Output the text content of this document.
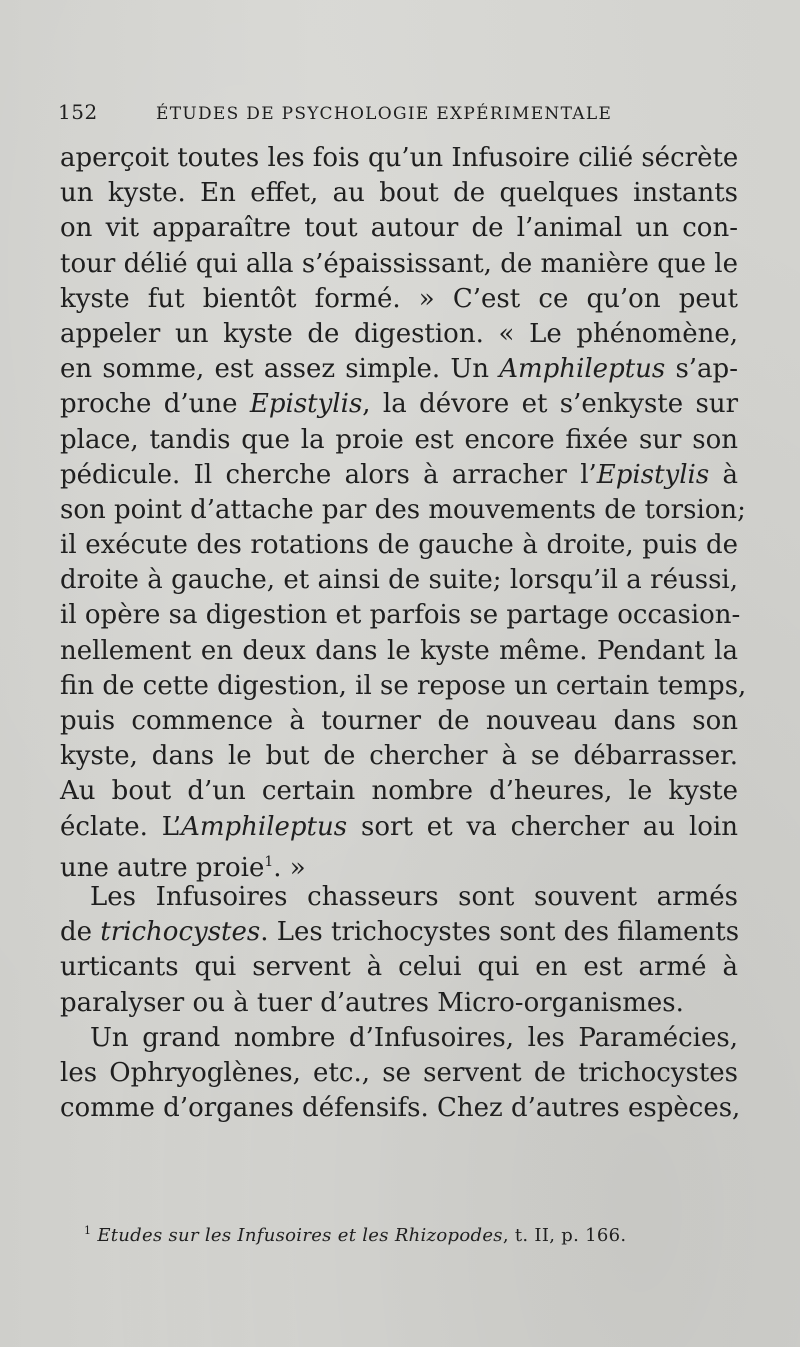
152	ÉTUDES DE PSYCHOLOGIE EXPÉRIMENTALE
aperçoit toutes les fois qu’un Infusoire cilié sécrète
un kyste. En effet, au bout de quelques instants
on vit apparaître tout autour de l’animal un con-
tour délié qui alla s’épaississant, de manière que le
kyste fut bientôt formé. » C’est ce qu’on peut
appeler un kyste de digestion. « Le phénomène,
en somme, est assez simple. Un Amphileptus s’ap-
proche d’une Epistylis, la dévore et s’enkyste sur
place, tandis que la proie est encore fixée sur son
pédicule. Il cherche alors à arracher l’Epistylis à
son point d’attache par des mouvements de torsion;
il exécute des rotations de gauche à droite, puis de
droite à gauche, et ainsi de suite; lorsqu’il a réussi,
il opère sa digestion et parfois se partage occasion-
nellement en deux dans le kyste même. Pendant la
fin de cette digestion, il se repose un certain temps,
puis commence à tourner de nouveau dans son
kyste, dans le but de chercher à se débarrasser.
Au bout d’un certain nombre d’heures, le kyste
éclate. L’Amphileptus sort et va chercher au loin
une autre proie$^1$. »
Les Infusoires chasseurs sont souvent armés
de trichocystes. Les trichocystes sont des filaments
urticants qui servent à celui qui en est armé à
paralyser ou à tuer d’autres Micro-organismes.
Un grand nombre d’Infusoires, les Paramécies,
les Ophryoglènes, etc., se servent de trichocystes
comme d’organes défensifs. Chez d’autres espèces,
$^1$ Etudes sur les Infusoires et les Rhizopodes, t. II, p. 166.
